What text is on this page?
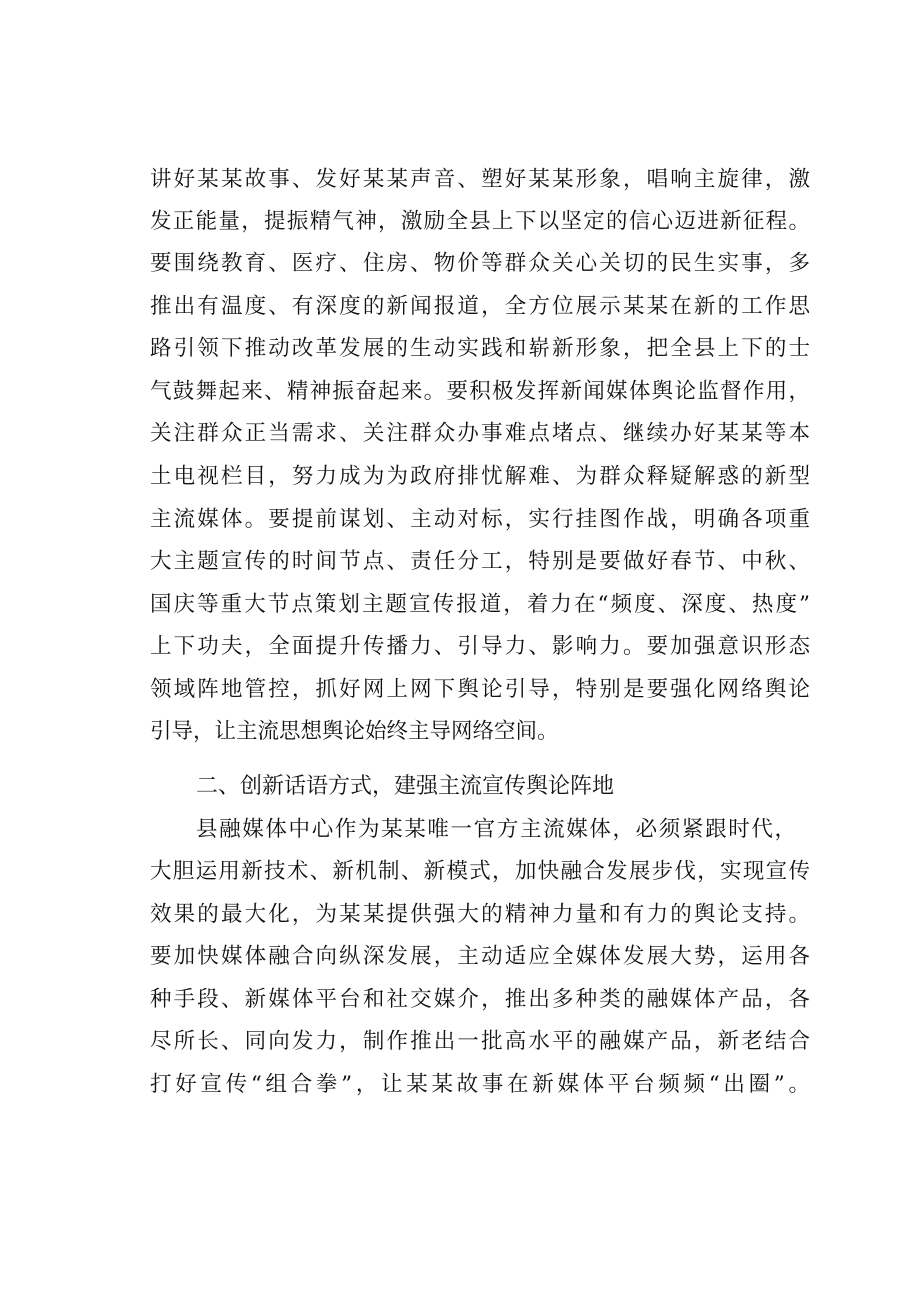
讲好某某故事、发好某某声音、塑好某某形象，唱响主旋律，激
发正能量，提振精气神，激励全县上下以坚定的信心迈进新征程。
要围绕教育、医疗、住房、物价等群众关心关切的民生实事，多
推出有温度、有深度的新闻报道，全方位展示某某在新的工作思
路引领下推动改革发展的生动实践和崭新形象，把全县上下的士
气鼓舞起来、精神振奋起来。要积极发挥新闻媒体舆论监督作用，
关注群众正当需求、关注群众办事难点堵点、继续办好某某等本
土电视栏目，努力成为为政府排忧解难、为群众释疑解惑的新型
主流媒体。要提前谋划、主动对标，实行挂图作战，明确各项重
大主题宣传的时间节点、责任分工，特别是要做好春节、中秋、
国庆等重大节点策划主题宣传报道，着力在“频度、深度、热度”
上下功夫，全面提升传播力、引导力、影响力。要加强意识形态
领域阵地管控，抓好网上网下舆论引导，特别是要强化网络舆论
引导，让主流思想舆论始终主导网络空间。
二、创新话语方式，建强主流宣传舆论阵地
县融媒体中心作为某某唯一官方主流媒体，必须紧跟时代，
大胆运用新技术、新机制、新模式，加快融合发展步伐，实现宣传
效果的最大化，为某某提供强大的精神力量和有力的舆论支持。
要加快媒体融合向纵深发展，主动适应全媒体发展大势，运用各
种手段、新媒体平台和社交媒介，推出多种类的融媒体产品，各
尽所长、同向发力，制作推出一批高水平的融媒产品，新老结合
打好宣传“组合拳”，让某某故事在新媒体平台频频“出圈”。
